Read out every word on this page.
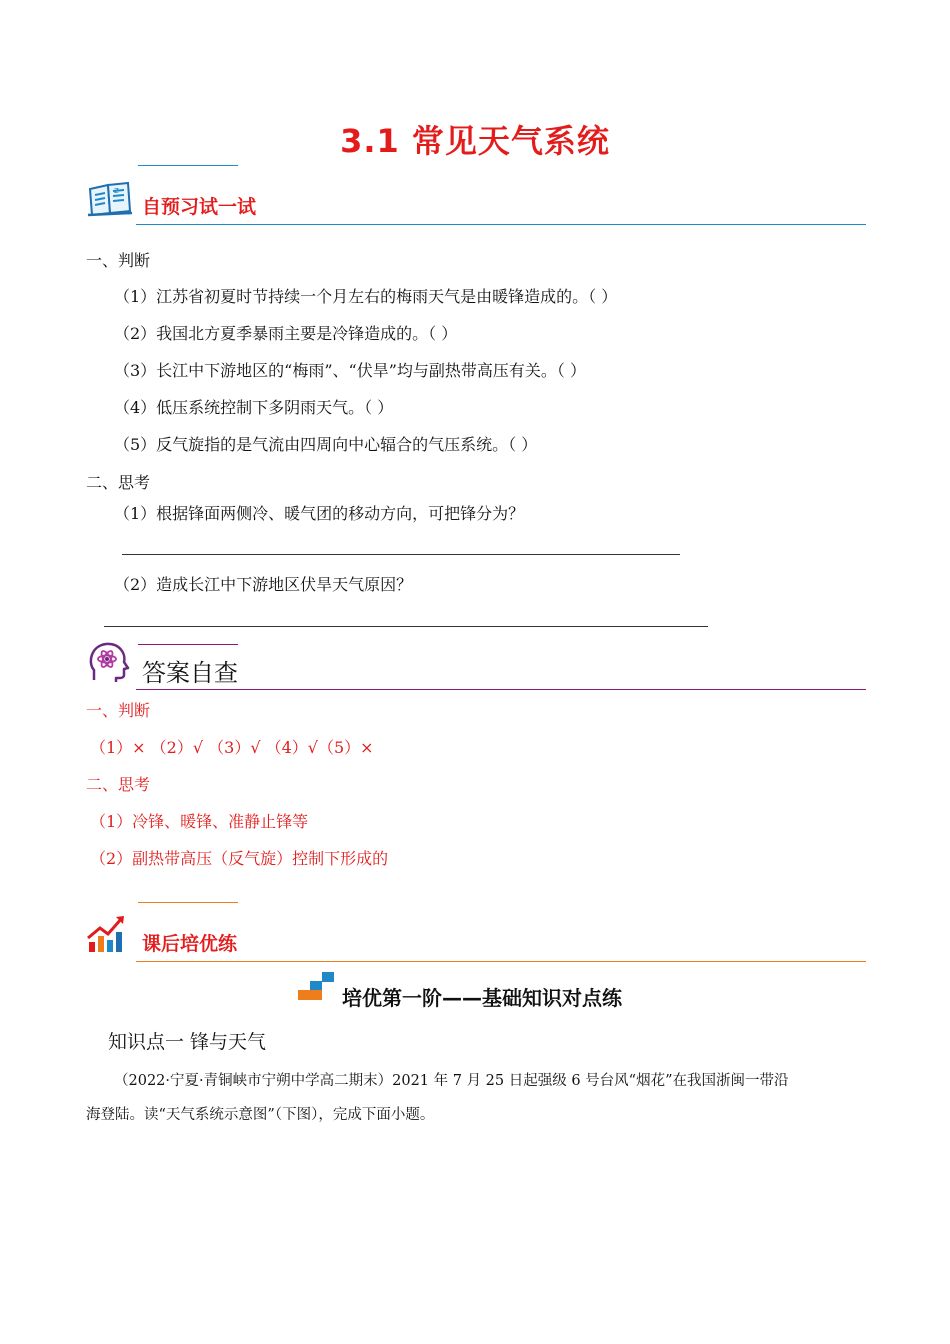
3.1 常见天气系统
z
自预习试一试
一、判断
（1）江苏省初夏时节持续一个月左右的梅雨天气是由暖锋造成的。（ ）
（2）我国北方夏季暴雨主要是冷锋造成的。（ ）
（3）长江中下游地区的“梅雨”、“伏旱”均与副热带高压有关。（ ）
（4）低压系统控制下多阴雨天气。（ ）
（5）反气旋指的是气流由四周向中心辐合的气压系统。（ ）
二、思考
（1）根据锋面两侧冷、暖气团的移动方向，可把锋分为？
（2）造成长江中下游地区伏旱天气原因？
答案自查
一、判断
（1）× （2）√ （3）√ （4）√（5）×
二、思考
（1）冷锋、暖锋、准静止锋等
（2）副热带高压（反气旋）控制下形成的
课后培优练
培优第一阶——基础知识对点练
知识点一 锋与天气
（2022·宁夏·青铜峡市宁朔中学高二期末）2021 年 7 月 25 日起强级 6 号台风“烟花”在我国浙闽一带沿
海登陆。读“天气系统示意图”（下图），完成下面小题。
